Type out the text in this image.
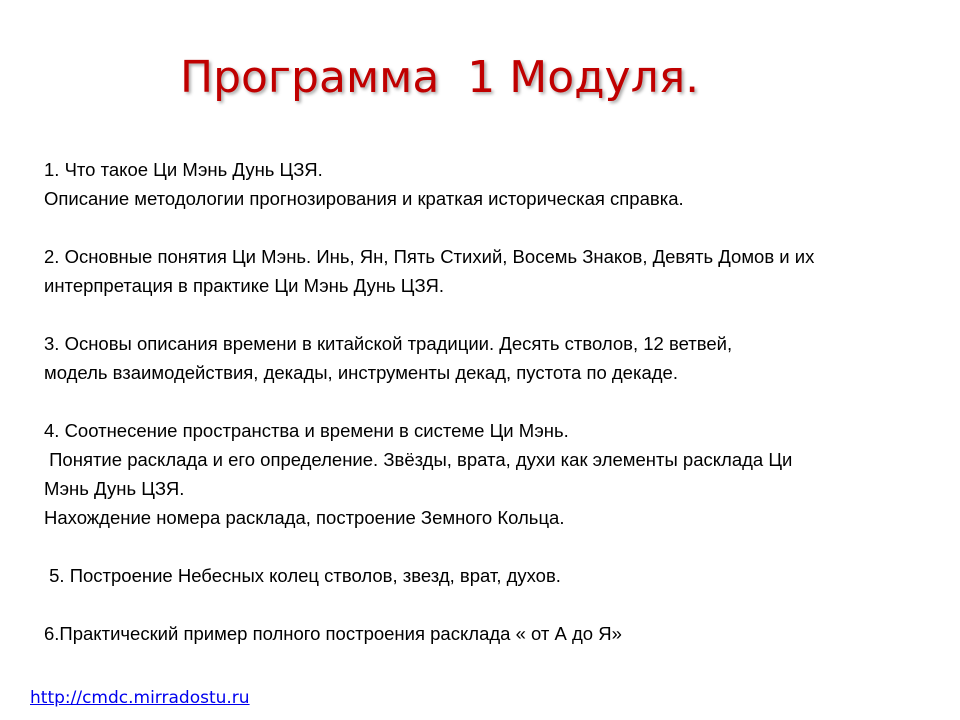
Программа  1 Модуля.
1. Что такое Ци Мэнь Дунь ЦЗЯ.
Описание методологии прогнозирования и краткая историческая справка.
2. Основные понятия Ци Мэнь. Инь, Ян, Пять Стихий, Восемь Знаков, Девять Домов и их
интерпретация в практике Ци Мэнь Дунь ЦЗЯ.
3. Основы описания времени в китайской традиции. Десять стволов, 12 ветвей,
модель взаимодействия, декады, инструменты декад, пустота по декаде.
4. Соотнесение пространства и времени в системе Ци Мэнь.
Понятие расклада и его определение. Звёзды, врата, духи как элементы расклада Ци
Мэнь Дунь ЦЗЯ.
Нахождение номера расклада, построение Земного Кольца.
5. Построение Небесных колец стволов, звезд, врат, духов.
6.Практический пример полного построения расклада « от А до Я»
http://cmdc.mirradostu.ru
